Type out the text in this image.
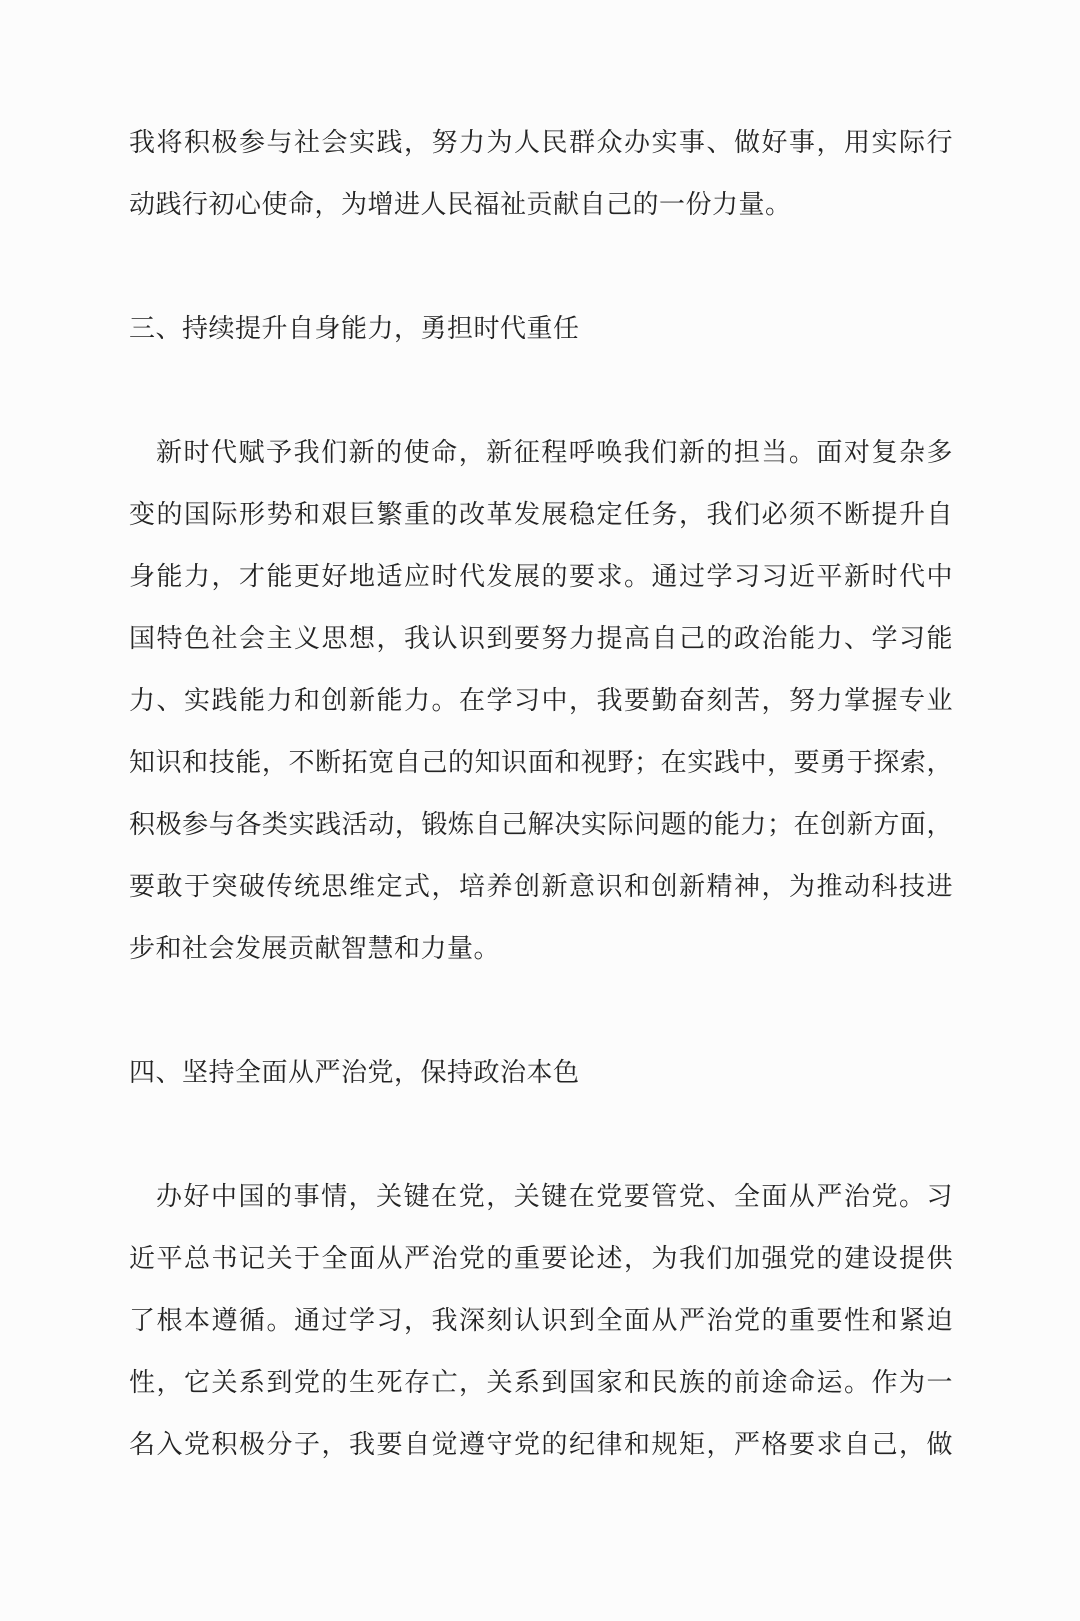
我将积极参与社会实践，努力为人民群众办实事、做好事，用实际行
动践行初心使命，为增进人民福祉贡献自己的一份力量。
三、持续提升自身能力，勇担时代重任
新时代赋予我们新的使命，新征程呼唤我们新的担当。面对复杂多
变的国际形势和艰巨繁重的改革发展稳定任务，我们必须不断提升自
身能力，才能更好地适应时代发展的要求。通过学习习近平新时代中
国特色社会主义思想，我认识到要努力提高自己的政治能力、学习能
力、实践能力和创新能力。在学习中，我要勤奋刻苦，努力掌握专业
知识和技能，不断拓宽自己的知识面和视野；在实践中，要勇于探索，
积极参与各类实践活动，锻炼自己解决实际问题的能力；在创新方面，
要敢于突破传统思维定式，培养创新意识和创新精神，为推动科技进
步和社会发展贡献智慧和力量。
四、坚持全面从严治党，保持政治本色
办好中国的事情，关键在党，关键在党要管党、全面从严治党。习
近平总书记关于全面从严治党的重要论述，为我们加强党的建设提供
了根本遵循。通过学习，我深刻认识到全面从严治党的重要性和紧迫
性，它关系到党的生死存亡，关系到国家和民族的前途命运。作为一
名入党积极分子，我要自觉遵守党的纪律和规矩，严格要求自己，做
